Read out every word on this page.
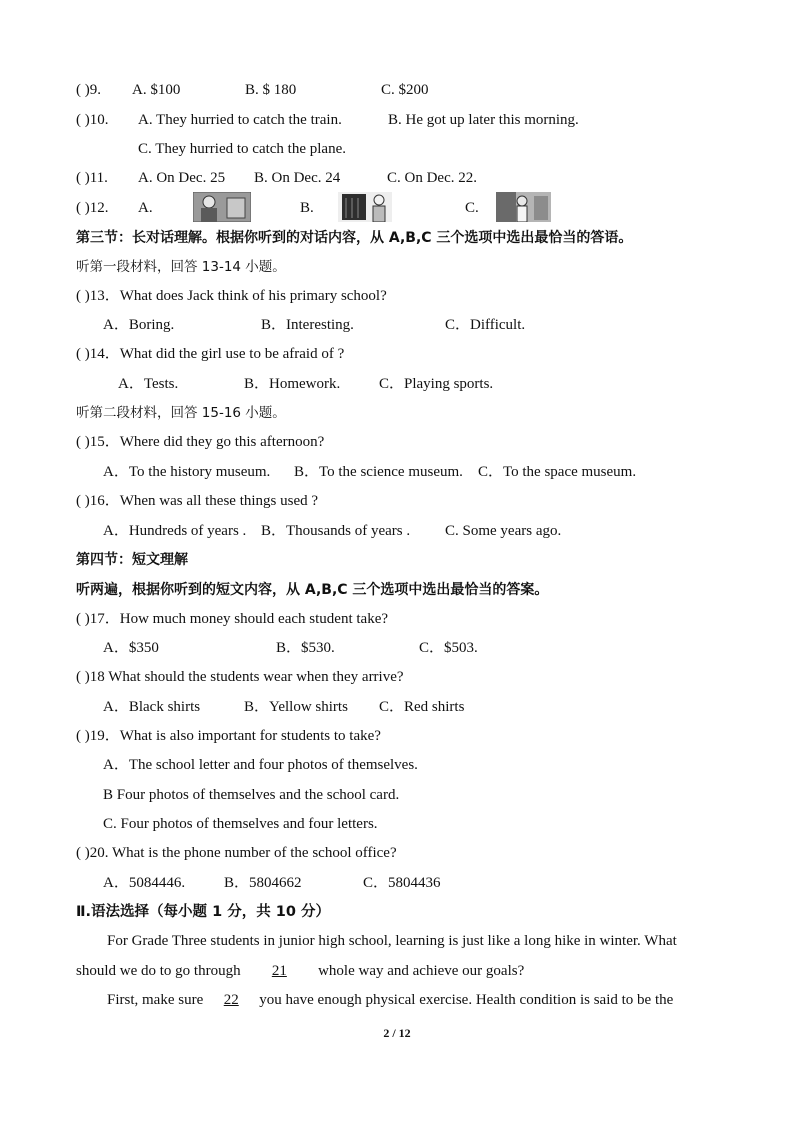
( )9. A. $100	B. $ 180	C. $200
( )10. A. They hurried to catch the train.	B. He got up later this morning.
C. They hurried to catch the plane.
( )11. A. On Dec. 25 B. On Dec. 24	C. On Dec. 22.
( )12. A.	B.	C.
第三节：长对话理解。根据你听到的对话内容，从 A,B,C 三个选项中选出最恰当的答语。
听第一段材料，回答 13-14 小题。
( )13．What does Jack think of his primary school?
A．Boring.	B．Interesting.	C．Difficult.
( )14．What did the girl use to be afraid of ?
A．Tests.	B．Homework.	C．Playing sports.
听第二段材料，回答 15-16 小题。
( )15．Where did they go this afternoon?
A．To the history museum. B．To the science museum. C．To the space museum.
( )16．When was all these things used ?
A．Hundreds of years . B．Thousands of years . C. Some years ago.
第四节：短文理解
听两遍，根据你听到的短文内容，从 A,B,C 三个选项中选出最恰当的答案。
( )17．How much money should each student take?
A．$350	B．$530.	C．$503.
( )18 What should the students wear when they arrive?
A．Black shirts	B．Yellow shirts C．Red shirts
( )19．What is also important for students to take?
A．The school letter and four photos of themselves.
B Four photos of themselves and the school card.
C. Four photos of themselves and four letters.
( )20. What is the phone number of the school office?
A．5084446.	B．5804662	C．5804436
Ⅱ.语法选择（每小题 1 分，共 10 分）
For Grade Three students in junior high school, learning is just like a long hike in winter. What
should we do to go through 21 whole way and achieve our goals?
First, make sure 22 you have enough physical exercise. Health condition is said to be the
2 / 12
